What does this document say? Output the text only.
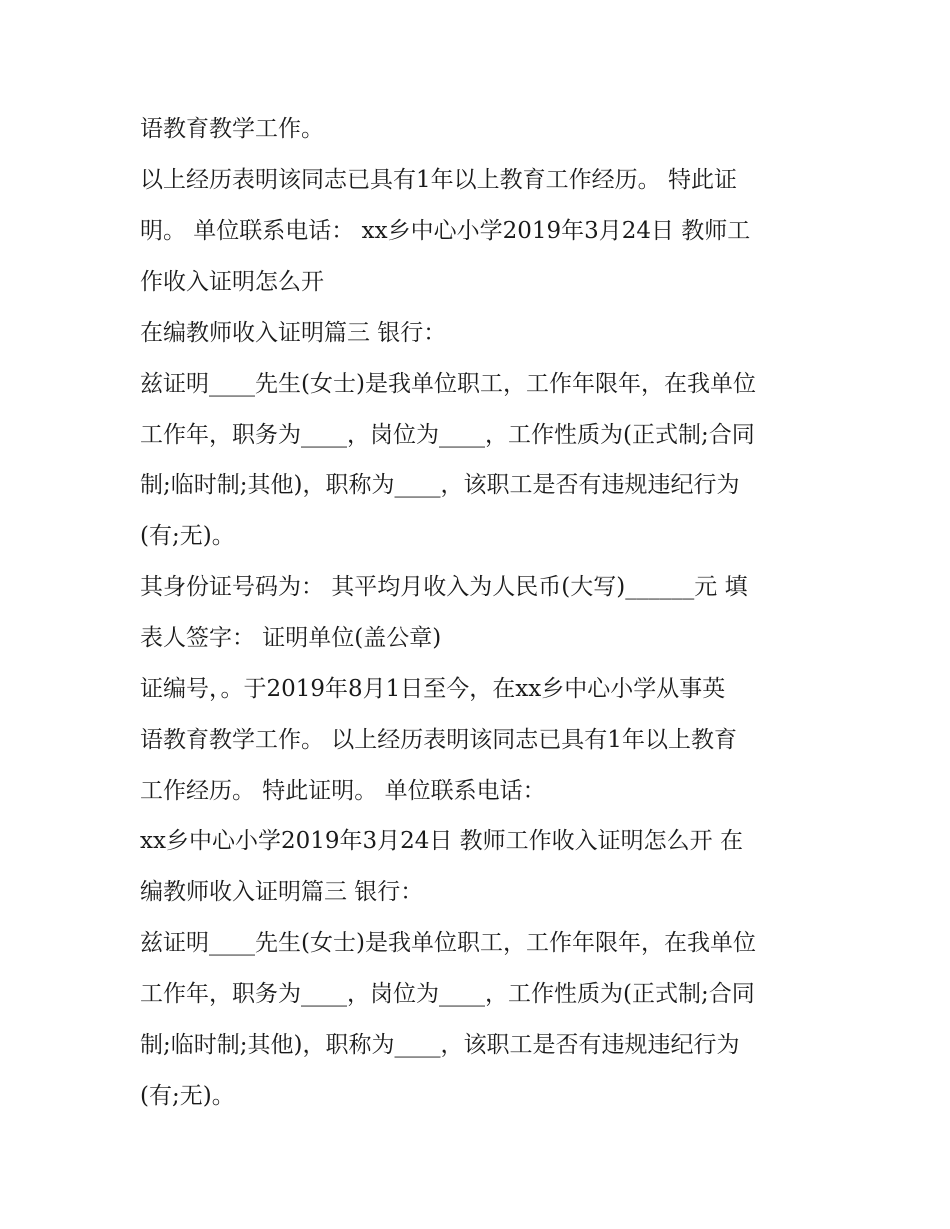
语教育教学工作。
以上经历表明该同志已具有1年以上教育工作经历。 特此证
明。 单位联系电话： xx乡中心小学2019年3月24日 教师工
作收入证明怎么开
在编教师收入证明篇三 银行：
兹证明____先生(女士)是我单位职工，工作年限年，在我单位
工作年，职务为____，岗位为____，工作性质为(正式制;合同
制;临时制;其他)，职称为____，该职工是否有违规违纪行为
(有;无)。
其身份证号码为： 其平均月收入为人民币(大写)______元 填
表人签字： 证明单位(盖公章)
证编号，。于2019年8月1日至今，在xx乡中心小学从事英
语教育教学工作。 以上经历表明该同志已具有1年以上教育
工作经历。 特此证明。 单位联系电话：
xx乡中心小学2019年3月24日 教师工作收入证明怎么开 在
编教师收入证明篇三 银行：
兹证明____先生(女士)是我单位职工，工作年限年，在我单位
工作年，职务为____，岗位为____，工作性质为(正式制;合同
制;临时制;其他)，职称为____，该职工是否有违规违纪行为
(有;无)。
